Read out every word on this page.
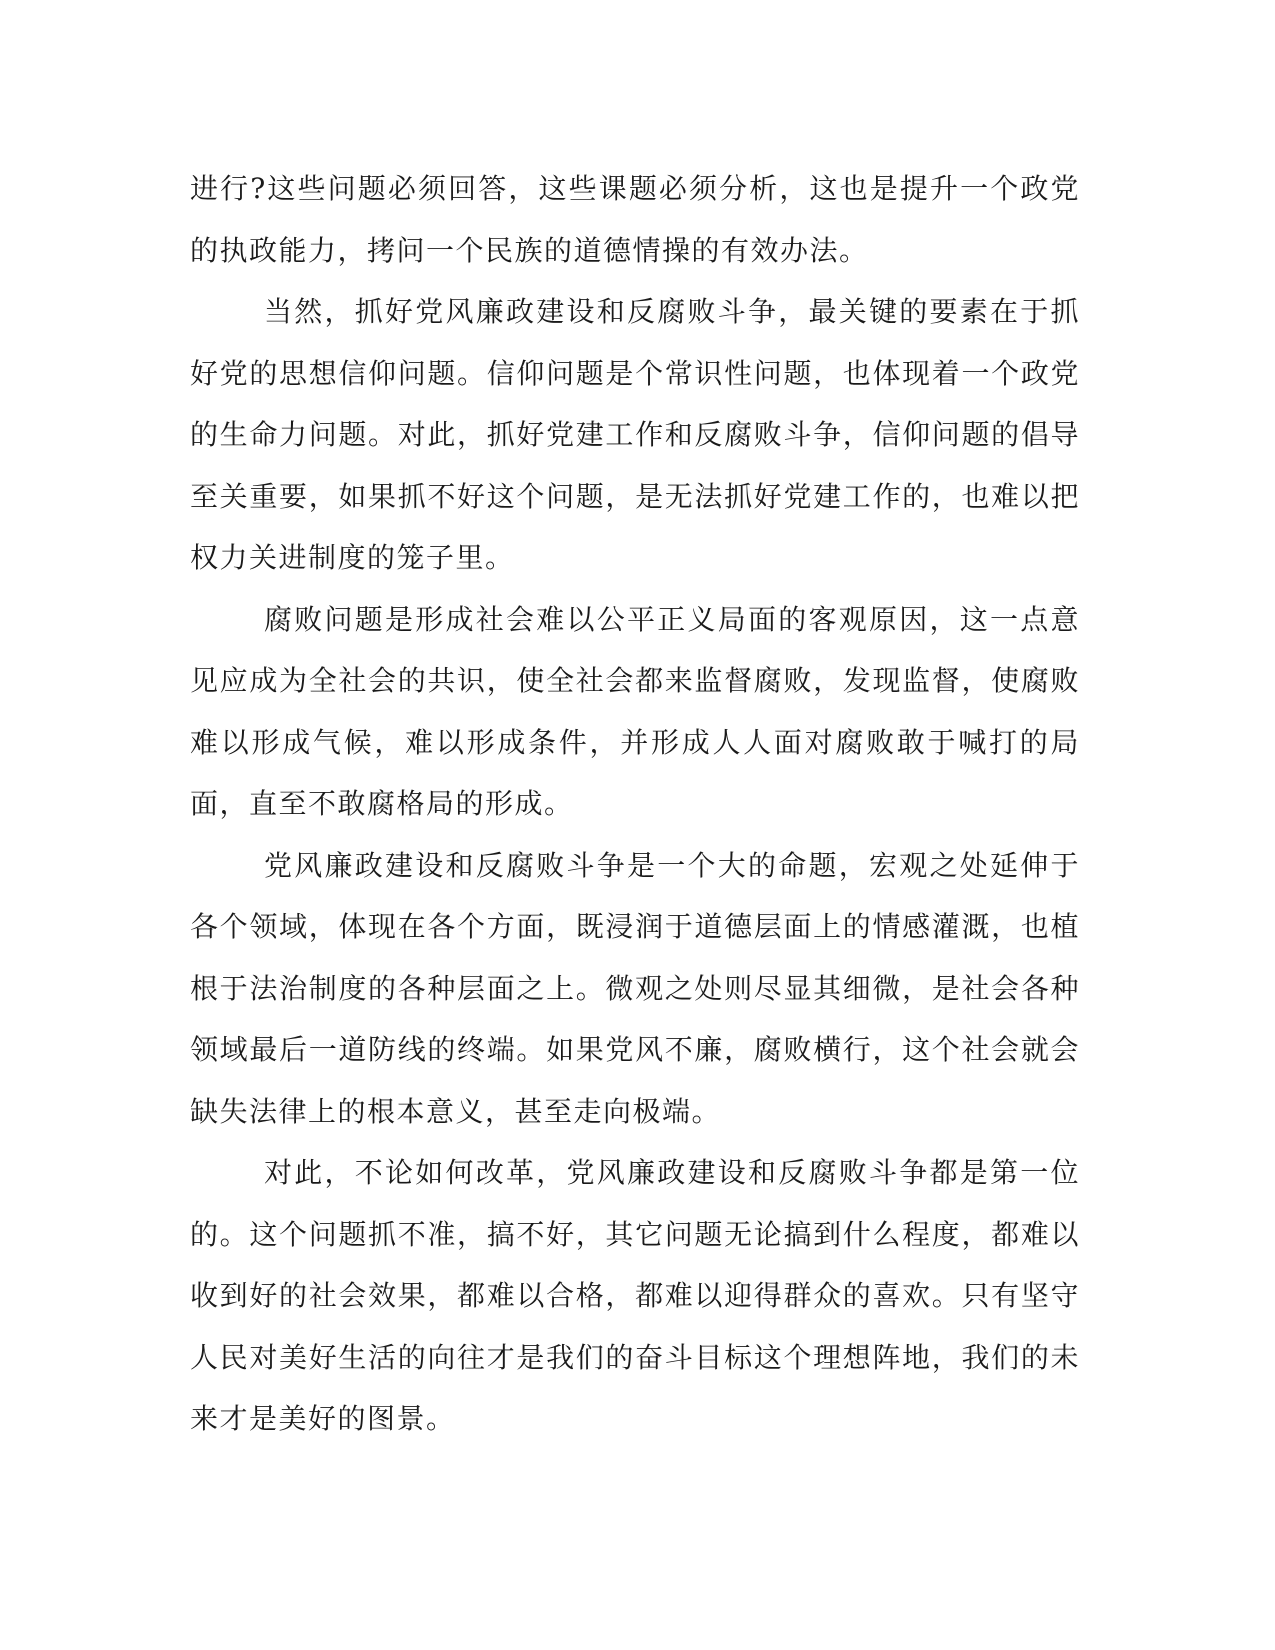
进行?这些问题必须回答，这些课题必须分析，这也是提升一个政党的执政能力，拷问一个民族的道德情操的有效办法。

当然，抓好党风廉政建设和反腐败斗争，最关键的要素在于抓好党的思想信仰问题。信仰问题是个常识性问题，也体现着一个政党的生命力问题。对此，抓好党建工作和反腐败斗争，信仰问题的倡导至关重要，如果抓不好这个问题，是无法抓好党建工作的，也难以把权力关进制度的笼子里。

腐败问题是形成社会难以公平正义局面的客观原因，这一点意见应成为全社会的共识，使全社会都来监督腐败，发现监督，使腐败难以形成气候，难以形成条件，并形成人人面对腐败敢于喊打的局面，直至不敢腐格局的形成。

党风廉政建设和反腐败斗争是一个大的命题，宏观之处延伸于各个领域，体现在各个方面，既浸润于道德层面上的情感灌溉，也植根于法治制度的各种层面之上。微观之处则尽显其细微，是社会各种领域最后一道防线的终端。如果党风不廉，腐败横行，这个社会就会缺失法律上的根本意义，甚至走向极端。

对此，不论如何改革，党风廉政建设和反腐败斗争都是第一位的。这个问题抓不准，搞不好，其它问题无论搞到什么程度，都难以收到好的社会效果，都难以合格，都难以迎得群众的喜欢。只有坚守人民对美好生活的向往才是我们的奋斗目标这个理想阵地，我们的未来才是美好的图景。
